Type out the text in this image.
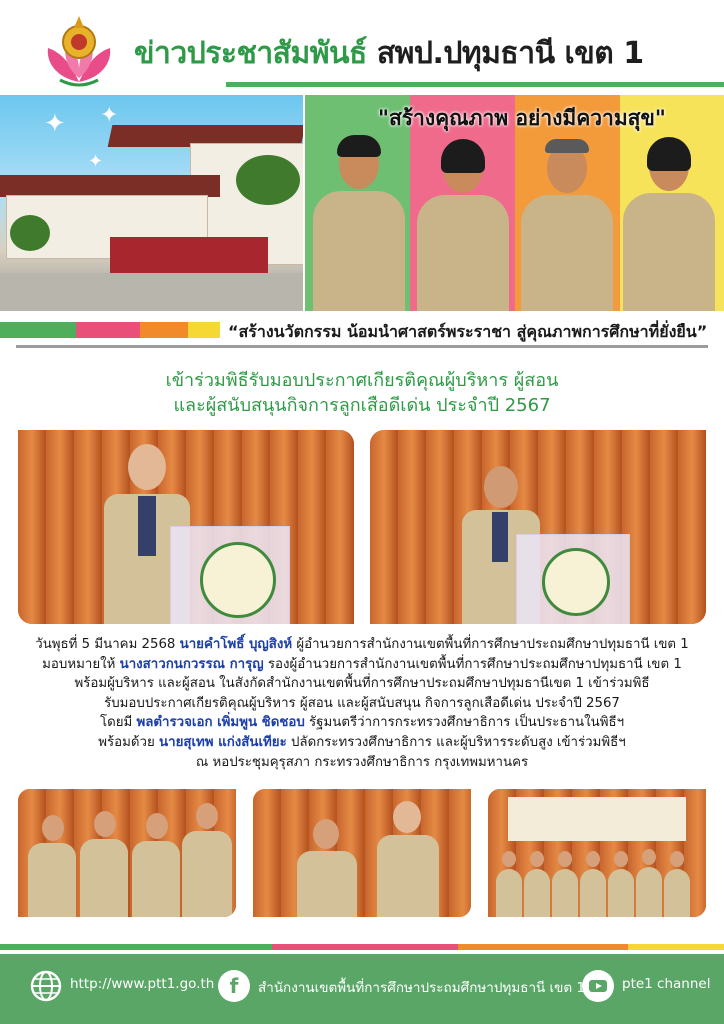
ข่าวประชาสัมพันธ์ สพป.ปทุมธานี เขต 1
✦ ✦
✦
"สร้างคุณภาพ อย่างมีความสุข"
“สร้างนวัตกรรม น้อมนำศาสตร์พระราชา สู่คุณภาพการศึกษาที่ยั่งยืน”
เข้าร่วมพิธีรับมอบประกาศเกียรติคุณผู้บริหาร ผู้สอน
และผู้สนับสนุนกิจการลูกเสือดีเด่น ประจำปี 2567
วันพุธที่ 5 มีนาคม 2568 นายคำโพธิ์ บุญสิงห์ ผู้อำนวยการสำนักงานเขตพื้นที่การศึกษาประถมศึกษาปทุมธานี เขต 1
มอบหมายให้ นางสาวกนกวรรณ การุญ รองผู้อำนวยการสำนักงานเขตพื้นที่การศึกษาประถมศึกษาปทุมธานี เขต 1
พร้อมผู้บริหาร และผู้สอน ในสังกัดสำนักงานเขตพื้นที่การศึกษาประถมศึกษาปทุมธานีเขต 1 เข้าร่วมพิธี
รับมอบประกาศเกียรติคุณผู้บริหาร ผู้สอน และผู้สนับสนุน กิจการลูกเสือดีเด่น ประจำปี 2567
โดยมี พลตำรวจเอก เพิ่มพูน ชิดชอบ รัฐมนตรีว่าการกระทรวงศึกษาธิการ เป็นประธานในพิธีฯ
พร้อมด้วย นายสุเทพ แก่งสันเทียะ ปลัดกระทรวงศึกษาธิการ และผู้บริหารระดับสูง เข้าร่วมพิธีฯ
ณ หอประชุมคุรุสภา กระทรวงศึกษาธิการ กรุงเทพมหานคร
http://www.ptt1.go.th f	สำนักงานเขตพื้นที่การศึกษาประถมศึกษาปทุมธานี เขต 1	pte1 channel
